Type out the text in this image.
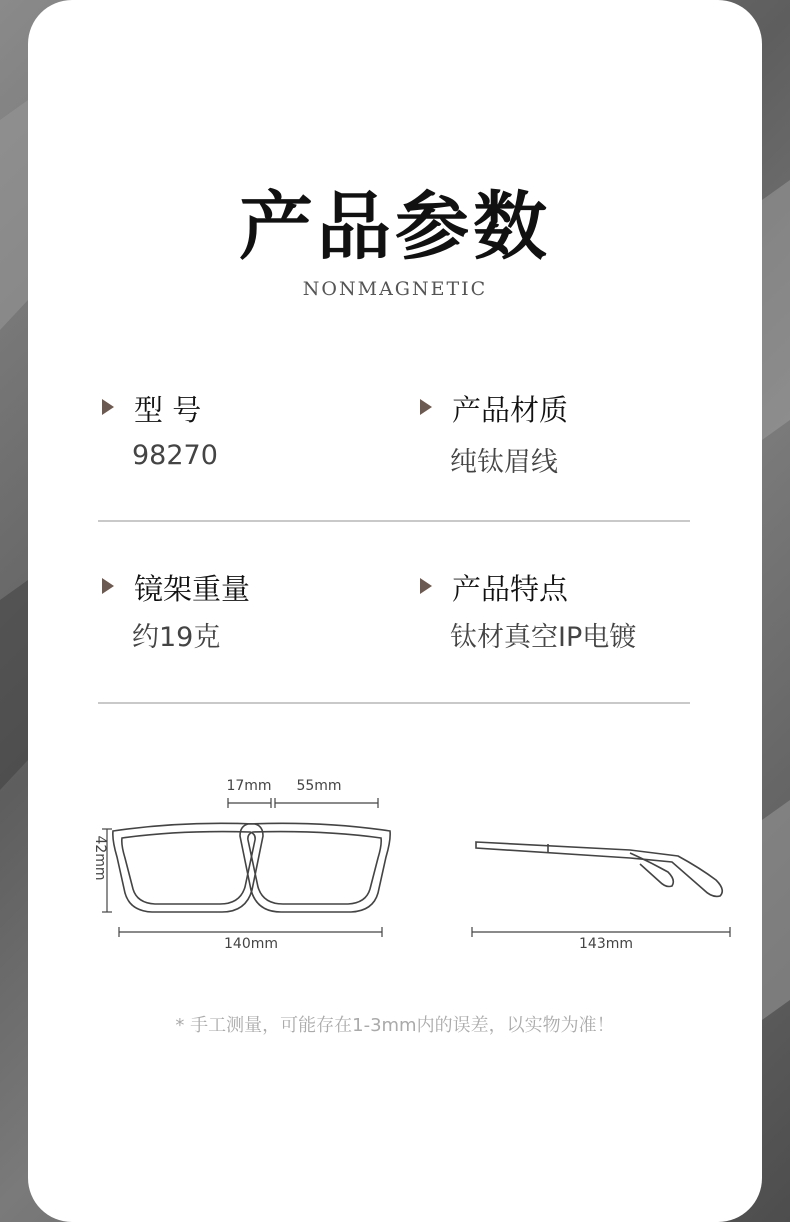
产品参数
NONMAGNETIC
型 号
98270
产品材质
纯钛眉线
镜架重量
约19克
产品特点
钛材真空IP电镀
17mm 55mm
42mm
140mm	143mm
* 手工测量，可能存在1-3mm内的误差，以实物为准！
